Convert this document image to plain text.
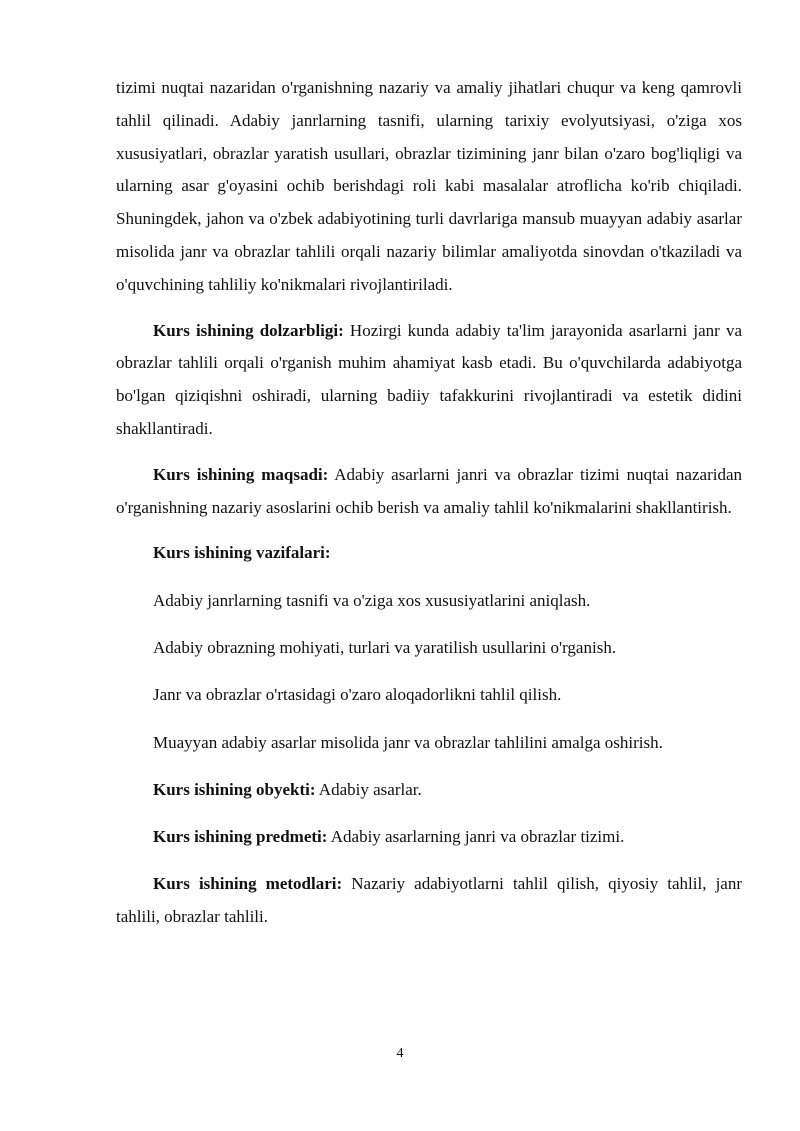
tizimi nuqtai nazaridan o'rganishning nazariy va amaliy jihatlari chuqur va keng qamrovli tahlil qilinadi. Adabiy janrlarning tasnifi, ularning tarixiy evolyutsiyasi, o'ziga xos xususiyatlari, obrazlar yaratish usullari, obrazlar tizimining janr bilan o'zaro bog'liqligi va ularning asar g'oyasini ochib berishdagi roli kabi masalalar atroflicha ko'rib chiqiladi. Shuningdek, jahon va o'zbek adabiyotining turli davrlariga mansub muayyan adabiy asarlar misolida janr va obrazlar tahlili orqali nazariy bilimlar amaliyotda sinovdan o'tkaziladi va o'quvchining tahliliy ko'nikmalari rivojlantiriladi.

Kurs ishining dolzarbligi: Hozirgi kunda adabiy ta'lim jarayonida asarlarni janr va obrazlar tahlili orqali o'rganish muhim ahamiyat kasb etadi. Bu o'quvchilarda adabiyotga bo'lgan qiziqishni oshiradi, ularning badiiy tafakkurini rivojlantiradi va estetik didini shakllantiradi.

Kurs ishining maqsadi: Adabiy asarlarni janri va obrazlar tizimi nuqtai nazaridan o'rganishning nazariy asoslarini ochib berish va amaliy tahlil ko'nikmalarini shakllantirish.

Kurs ishining vazifalari:

Adabiy janrlarning tasnifi va o'ziga xos xususiyatlarini aniqlash.

Adabiy obrazning mohiyati, turlari va yaratilish usullarini o'rganish.

Janr va obrazlar o'rtasidagi o'zaro aloqadorlikni tahlil qilish.

Muayyan adabiy asarlar misolida janr va obrazlar tahlilini amalga oshirish.

Kurs ishining obyekti: Adabiy asarlar.

Kurs ishining predmeti: Adabiy asarlarning janri va obrazlar tizimi.

Kurs ishining metodlari: Nazariy adabiyotlarni tahlil qilish, qiyosiy tahlil, janr tahlili, obrazlar tahlili.

4
